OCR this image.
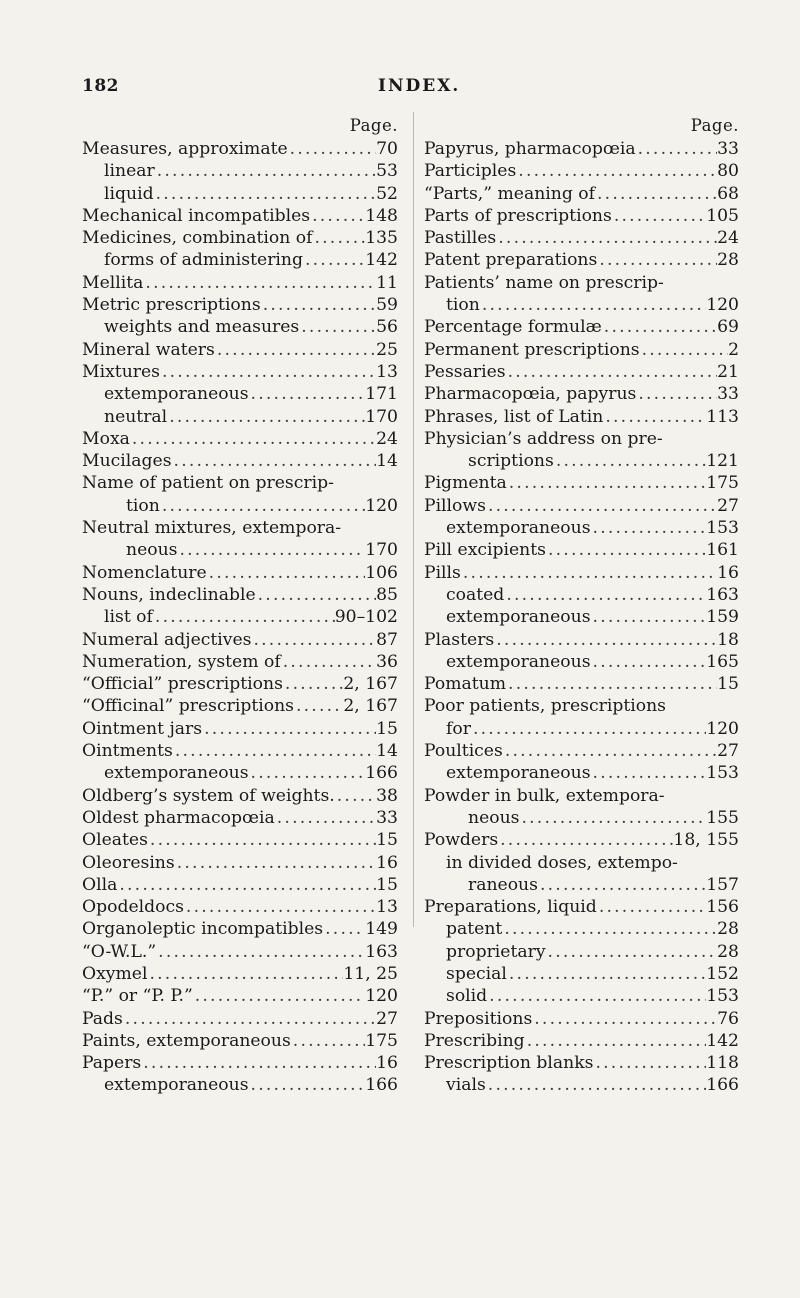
182	INDEX.
Page.
Measures, approximate .....	70
linear .....	53
liquid .....	52
Mechanical incompatibles .....	148
Medicines, combination of .....	135
forms of administering .....	142
Mellita .....	11
Metric prescriptions .....	59
weights and measures .....	56
Mineral waters .....	25
Mixtures .....	13
extemporaneous .....	171
neutral .....	170
Moxa .....	24
Mucilages .....	14
Name of patient on prescrip-
tion .....	120
Neutral mixtures, extempora-
neous .....	170
Nomenclature .....	106
Nouns, indeclinable .....	85
list of .....	90–102
Numeral adjectives .....	87
Numeration, system of .....	36
“Official” prescriptions .....	2, 167
“Officinal” prescriptions .....	2, 167
Ointment jars .....	15
Ointments .....	14
extemporaneous .....	166
Oldberg’s system of weights. ..... 38
Oldest pharmacopœia .....	33
Oleates .....	15
Oleoresins .....	16
Olla .....	15
Opodeldocs .....	13
Organoleptic incompatibles ..... 149
“O-W.L.” .....	163
Oxymel .....	11, 25
“P.” or “P. P.” .....	120
Pads .....	27
Paints, extemporaneous .....	175
Papers .....	16
extemporaneous .....	166
Page.
Papyrus, pharmacopœia .....	33
Participles .....	80
“Parts,” meaning of .....	68
Parts of prescriptions .....	105
Pastilles .....	24
Patent preparations .....	28
Patients’ name on prescrip-
tion .....	120
Percentage formulæ .....	69
Permanent prescriptions .....	2
Pessaries .....	21
Pharmacopœia, papyrus .....	33
Phrases, list of Latin .....	113
Physician’s address on pre-
scriptions .....	121
Pigmenta .....	175
Pillows .....	27
extemporaneous .....	153
Pill excipients .....	161
Pills .....	16
coated .....	163
extemporaneous .....	159
Plasters .....	18
extemporaneous .....	165
Pomatum .....	15
Poor patients, prescriptions
for .....	120
Poultices .....	27
extemporaneous .....	153
Powder in bulk, extempora-
neous .....	155
Powders .....	18, 155
in divided doses, extempo-
raneous .....	157
Preparations, liquid .....	156
patent .....	28
proprietary .....	28
special .....	152
solid .....	153
Prepositions .....	76
Prescribing .....	142
Prescription blanks .....	118
vials .....	166
